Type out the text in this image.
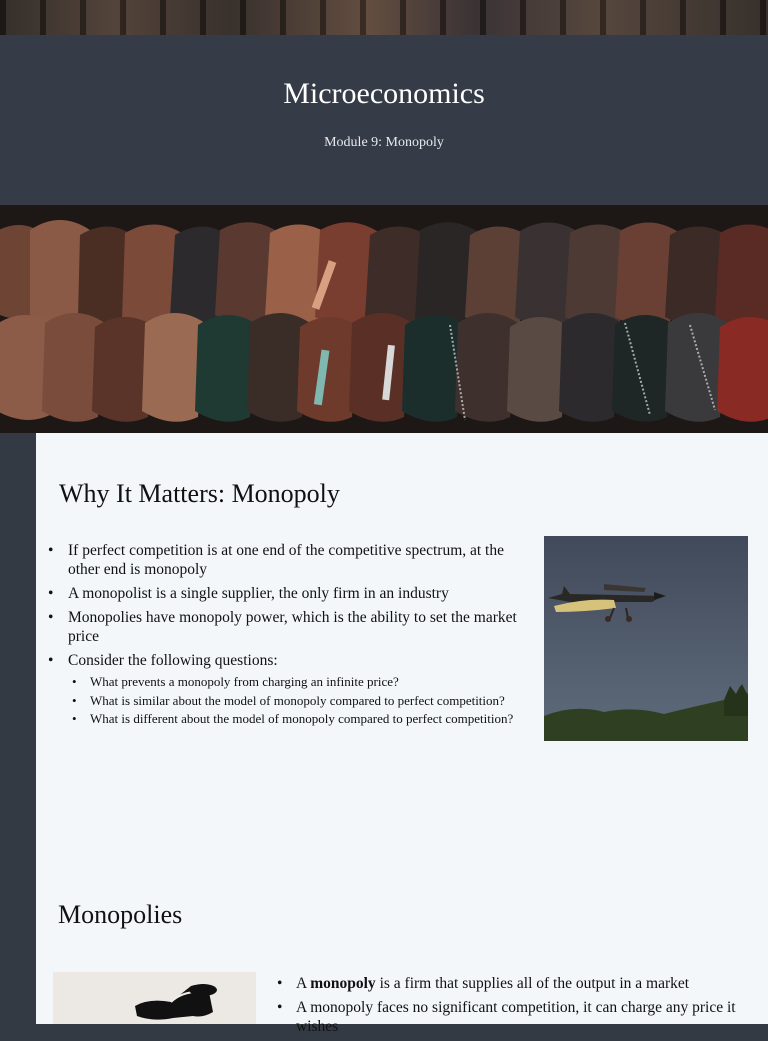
Microeconomics
Module 9: Monopoly
Why It Matters: Monopoly
• If perfect competition is at one end of the competitive spectrum, at the other end is monopoly
• A monopolist is a single supplier, the only firm in an industry
• Monopolies have monopoly power, which is the ability to set the market price
• Consider the following questions:
• What prevents a monopoly from charging an infinite price?
• What is similar about the model of monopoly compared to perfect competition?
• What is different about the model of monopoly compared to perfect competition?
Monopolies
• A monopoly is a firm that supplies all of the output in a market
• A monopoly faces no significant competition, it can charge any price it wishes
